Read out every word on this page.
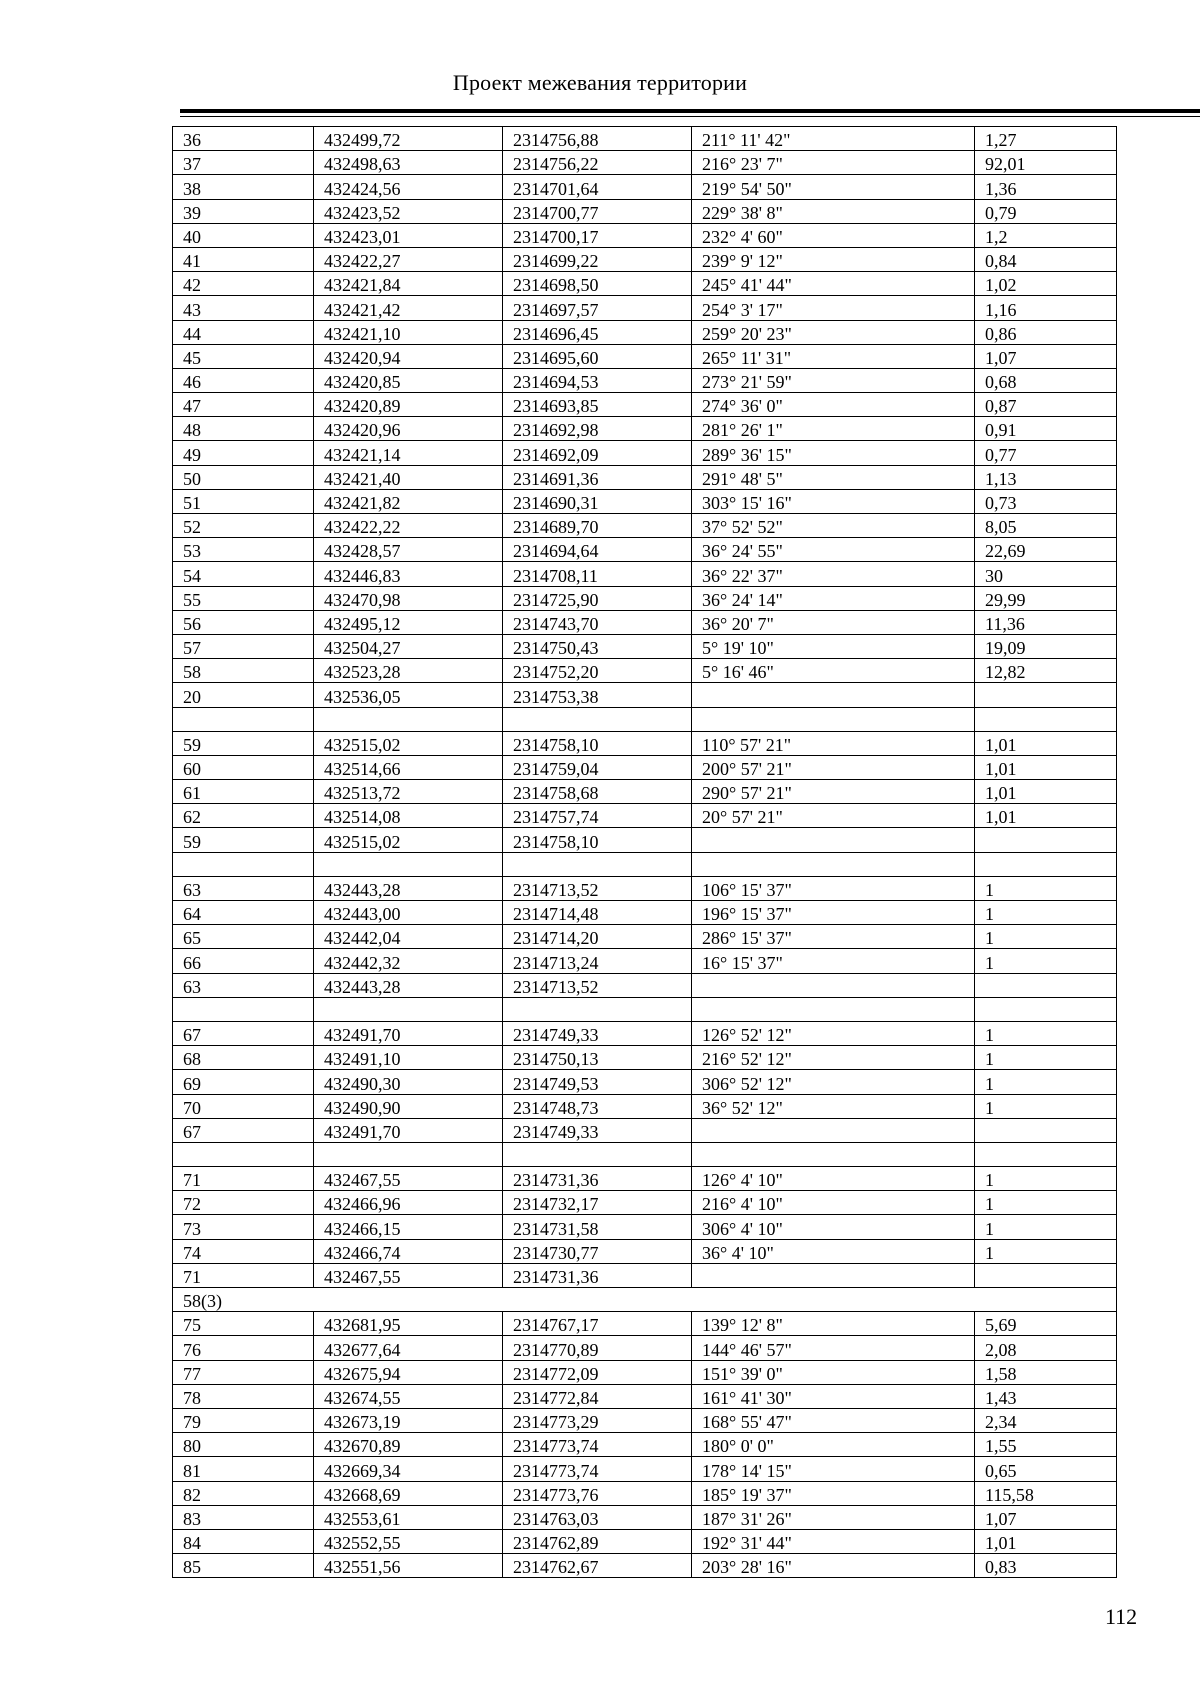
Проект межевания территории
36	432499,72	2314756,88	211° 11' 42"	1,27
37	432498,63	2314756,22	216° 23' 7"	92,01
38	432424,56	2314701,64	219° 54' 50"	1,36
39	432423,52	2314700,77	229° 38' 8"	0,79
40	432423,01	2314700,17	232° 4' 60"	1,2
41	432422,27	2314699,22	239° 9' 12"	0,84
42	432421,84	2314698,50	245° 41' 44"	1,02
43	432421,42	2314697,57	254° 3' 17"	1,16
44	432421,10	2314696,45	259° 20' 23"	0,86
45	432420,94	2314695,60	265° 11' 31"	1,07
46	432420,85	2314694,53	273° 21' 59"	0,68
47	432420,89	2314693,85	274° 36' 0"	0,87
48	432420,96	2314692,98	281° 26' 1"	0,91
49	432421,14	2314692,09	289° 36' 15"	0,77
50	432421,40	2314691,36	291° 48' 5"	1,13
51	432421,82	2314690,31	303° 15' 16"	0,73
52	432422,22	2314689,70	37° 52' 52"	8,05
53	432428,57	2314694,64	36° 24' 55"	22,69
54	432446,83	2314708,11	36° 22' 37"	30
55	432470,98	2314725,90	36° 24' 14"	29,99
56	432495,12	2314743,70	36° 20' 7"	11,36
57	432504,27	2314750,43	5° 19' 10"	19,09
58	432523,28	2314752,20	5° 16' 46"	12,82
20	432536,05	2314753,38		

59	432515,02	2314758,10	110° 57' 21"	1,01
60	432514,66	2314759,04	200° 57' 21"	1,01
61	432513,72	2314758,68	290° 57' 21"	1,01
62	432514,08	2314757,74	20° 57' 21"	1,01
59	432515,02	2314758,10		

63	432443,28	2314713,52	106° 15' 37"	1
64	432443,00	2314714,48	196° 15' 37"	1
65	432442,04	2314714,20	286° 15' 37"	1
66	432442,32	2314713,24	16° 15' 37"	1
63	432443,28	2314713,52		

67	432491,70	2314749,33	126° 52' 12"	1
68	432491,10	2314750,13	216° 52' 12"	1
69	432490,30	2314749,53	306° 52' 12"	1
70	432490,90	2314748,73	36° 52' 12"	1
67	432491,70	2314749,33		

71	432467,55	2314731,36	126° 4' 10"	1
72	432466,96	2314732,17	216° 4' 10"	1
73	432466,15	2314731,58	306° 4' 10"	1
74	432466,74	2314730,77	36° 4' 10"	1
71	432467,55	2314731,36		
58(3)				
75	432681,95	2314767,17	139° 12' 8"	5,69
76	432677,64	2314770,89	144° 46' 57"	2,08
77	432675,94	2314772,09	151° 39' 0"	1,58
78	432674,55	2314772,84	161° 41' 30"	1,43
79	432673,19	2314773,29	168° 55' 47"	2,34
80	432670,89	2314773,74	180° 0' 0"	1,55
81	432669,34	2314773,74	178° 14' 15"	0,65
82	432668,69	2314773,76	185° 19' 37"	115,58
83	432553,61	2314763,03	187° 31' 26"	1,07
84	432552,55	2314762,89	192° 31' 44"	1,01
85	432551,56	2314762,67	203° 28' 16"	0,83
112
